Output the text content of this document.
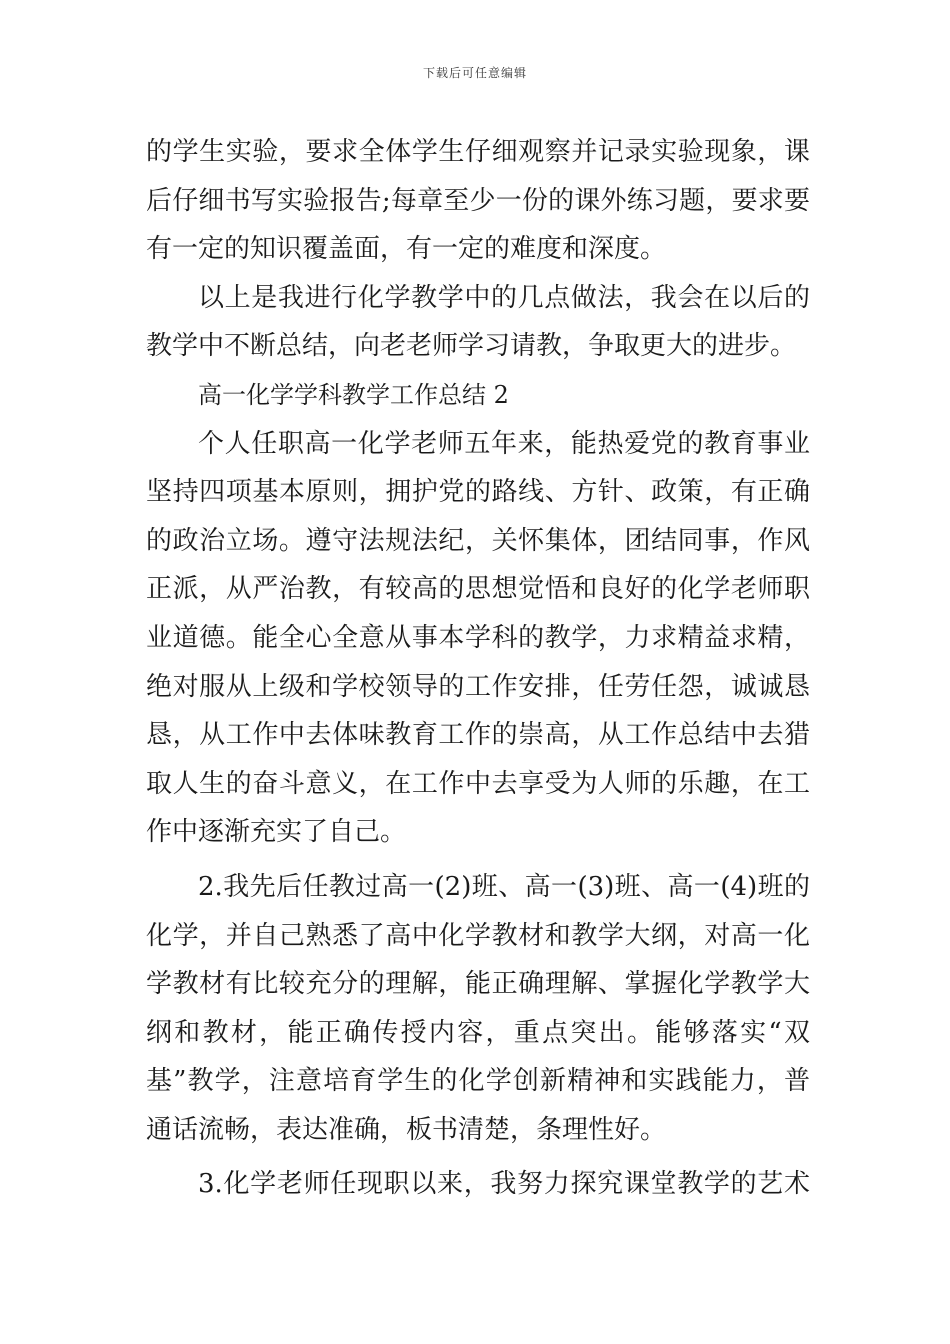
下载后可任意编辑
的学生实验，要求全体学生仔细观察并记录实验现象，课
后仔细书写实验报告;每章至少一份的课外练习题，要求要
有一定的知识覆盖面，有一定的难度和深度。
以上是我进行化学教学中的几点做法，我会在以后的
教学中不断总结，向老老师学习请教，争取更大的进步。
高一化学学科教学工作总结 2
个人任职高一化学老师五年来，能热爱党的教育事业
坚持四项基本原则，拥护党的路线、方针、政策，有正确
的政治立场。遵守法规法纪，关怀集体，团结同事，作风
正派，从严治教，有较高的思想觉悟和良好的化学老师职
业道德。能全心全意从事本学科的教学，力求精益求精，
绝对服从上级和学校领导的工作安排，任劳任怨，诚诚恳
恳，从工作中去体味教育工作的崇高，从工作总结中去猎
取人生的奋斗意义，在工作中去享受为人师的乐趣，在工
作中逐渐充实了自己。
2.我先后任教过高一(2)班、高一(3)班、高一(4)班的
化学，并自己熟悉了高中化学教材和教学大纲，对高一化
学教材有比较充分的理解，能正确理解、掌握化学教学大
纲和教材，能正确传授内容，重点突出。能够落实“双
基”教学，注意培育学生的化学创新精神和实践能力，普
通话流畅，表达准确，板书清楚，条理性好。
3.化学老师任现职以来，我努力探究课堂教学的艺术
